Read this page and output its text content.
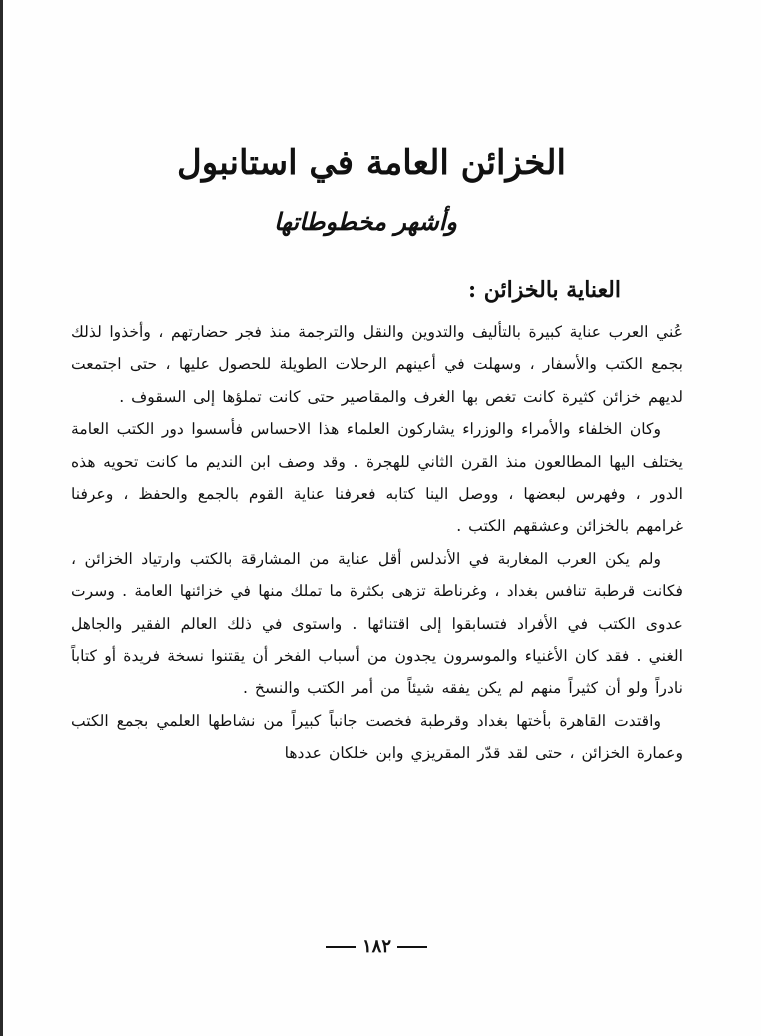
الخزائن العامة في استانبول
وأشهر مخطوطاتها
العناية بالخزائن :

عُني العرب عناية كبيرة بالتأليف والتدوين والنقل والترجمة منذ فجر حضارتهم ، وأخذوا لذلك بجمع الكتب والأسفار ، وسهلت في أعينهم الرحلات الطويلة للحصول عليها ، حتى اجتمعت لديهم خزائن كثيرة كانت تغص بها الغرف والمقاصير حتى كانت تملؤها إلى السقوف .

وكان الخلفاء والأمراء والوزراء يشاركون العلماء هذا الاحساس فأسسوا دور الكتب العامة يختلف اليها المطالعون منذ القرن الثاني للهجرة . وقد وصف ابن النديم ما كانت تحويه هذه الدور ، وفهرس لبعضها ، ووصل الينا كتابه فعرفنا عناية القوم بالجمع والحفظ ، وعرفنا غرامهم بالخزائن وعشقهم الكتب .

ولم يكن العرب المغاربة في الأندلس أقل عناية من المشارقة بالكتب وارتياد الخزائن ، فكانت قرطبة تنافس بغداد ، وغرناطة تزهى بكثرة ما تملك منها في خزائنها العامة . وسرت عدوى الكتب في الأفراد فتسابقوا إلى اقتنائها . واستوى في ذلك العالم الفقير والجاهل الغني . فقد كان الأغنياء والموسرون يجدون من أسباب الفخر أن يقتنوا نسخة فريدة أو كتاباً نادراً ولو أن كثيراً منهم لم يكن يفقه شيئاً من أمر الكتب والنسخ .

واقتدت القاهرة بأختها بغداد وقرطبة فخصت جانباً كبيراً من نشاطها العلمي بجمع الكتب وعمارة الخزائن ، حتى لقد قدّر المقريزي وابن خلكان عددها

١٨٢
